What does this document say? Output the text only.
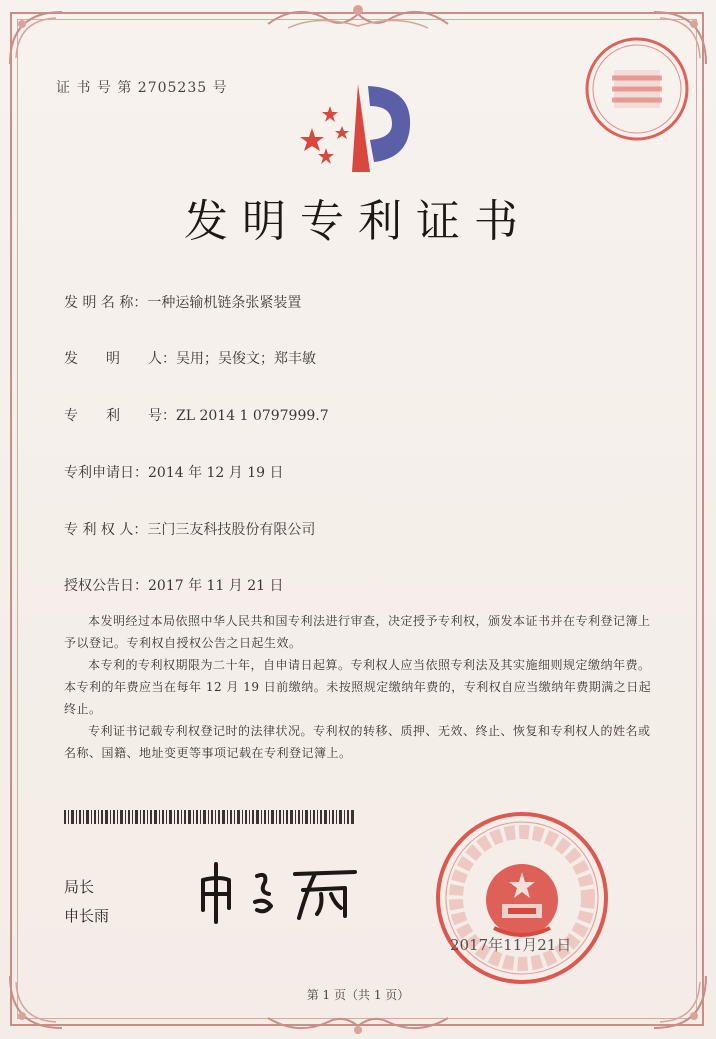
证 书 号 第 2705235 号
发明专利证书
发 明 名 称：一种运输机链条张紧装置
发　　明　　人：吴用；吴俊文；郑丰敏
专　　利　　号：ZL 2014 1 0797999.7
专利申请日：2014 年 12 月 19 日
专 利 权 人：三门三友科技股份有限公司
授权公告日：2017 年 11 月 21 日

本发明经过本局依照中华人民共和国专利法进行审查，决定授予专利权，颁发本证书并在专利登记簿上予以登记。专利权自授权公告之日起生效。

本专利的专利权期限为二十年，自申请日起算。专利权人应当依照专利法及其实施细则规定缴纳年费。本专利的年费应当在每年 12 月 19 日前缴纳。未按照规定缴纳年费的，专利权自应当缴纳年费期满之日起终止。

专利证书记载专利权登记时的法律状况。专利权的转移、质押、无效、终止、恢复和专利权人的姓名或名称、国籍、地址变更等事项记载在专利登记簿上。

局长
申长雨
2017年11月21日
第 1 页（共 1 页）
